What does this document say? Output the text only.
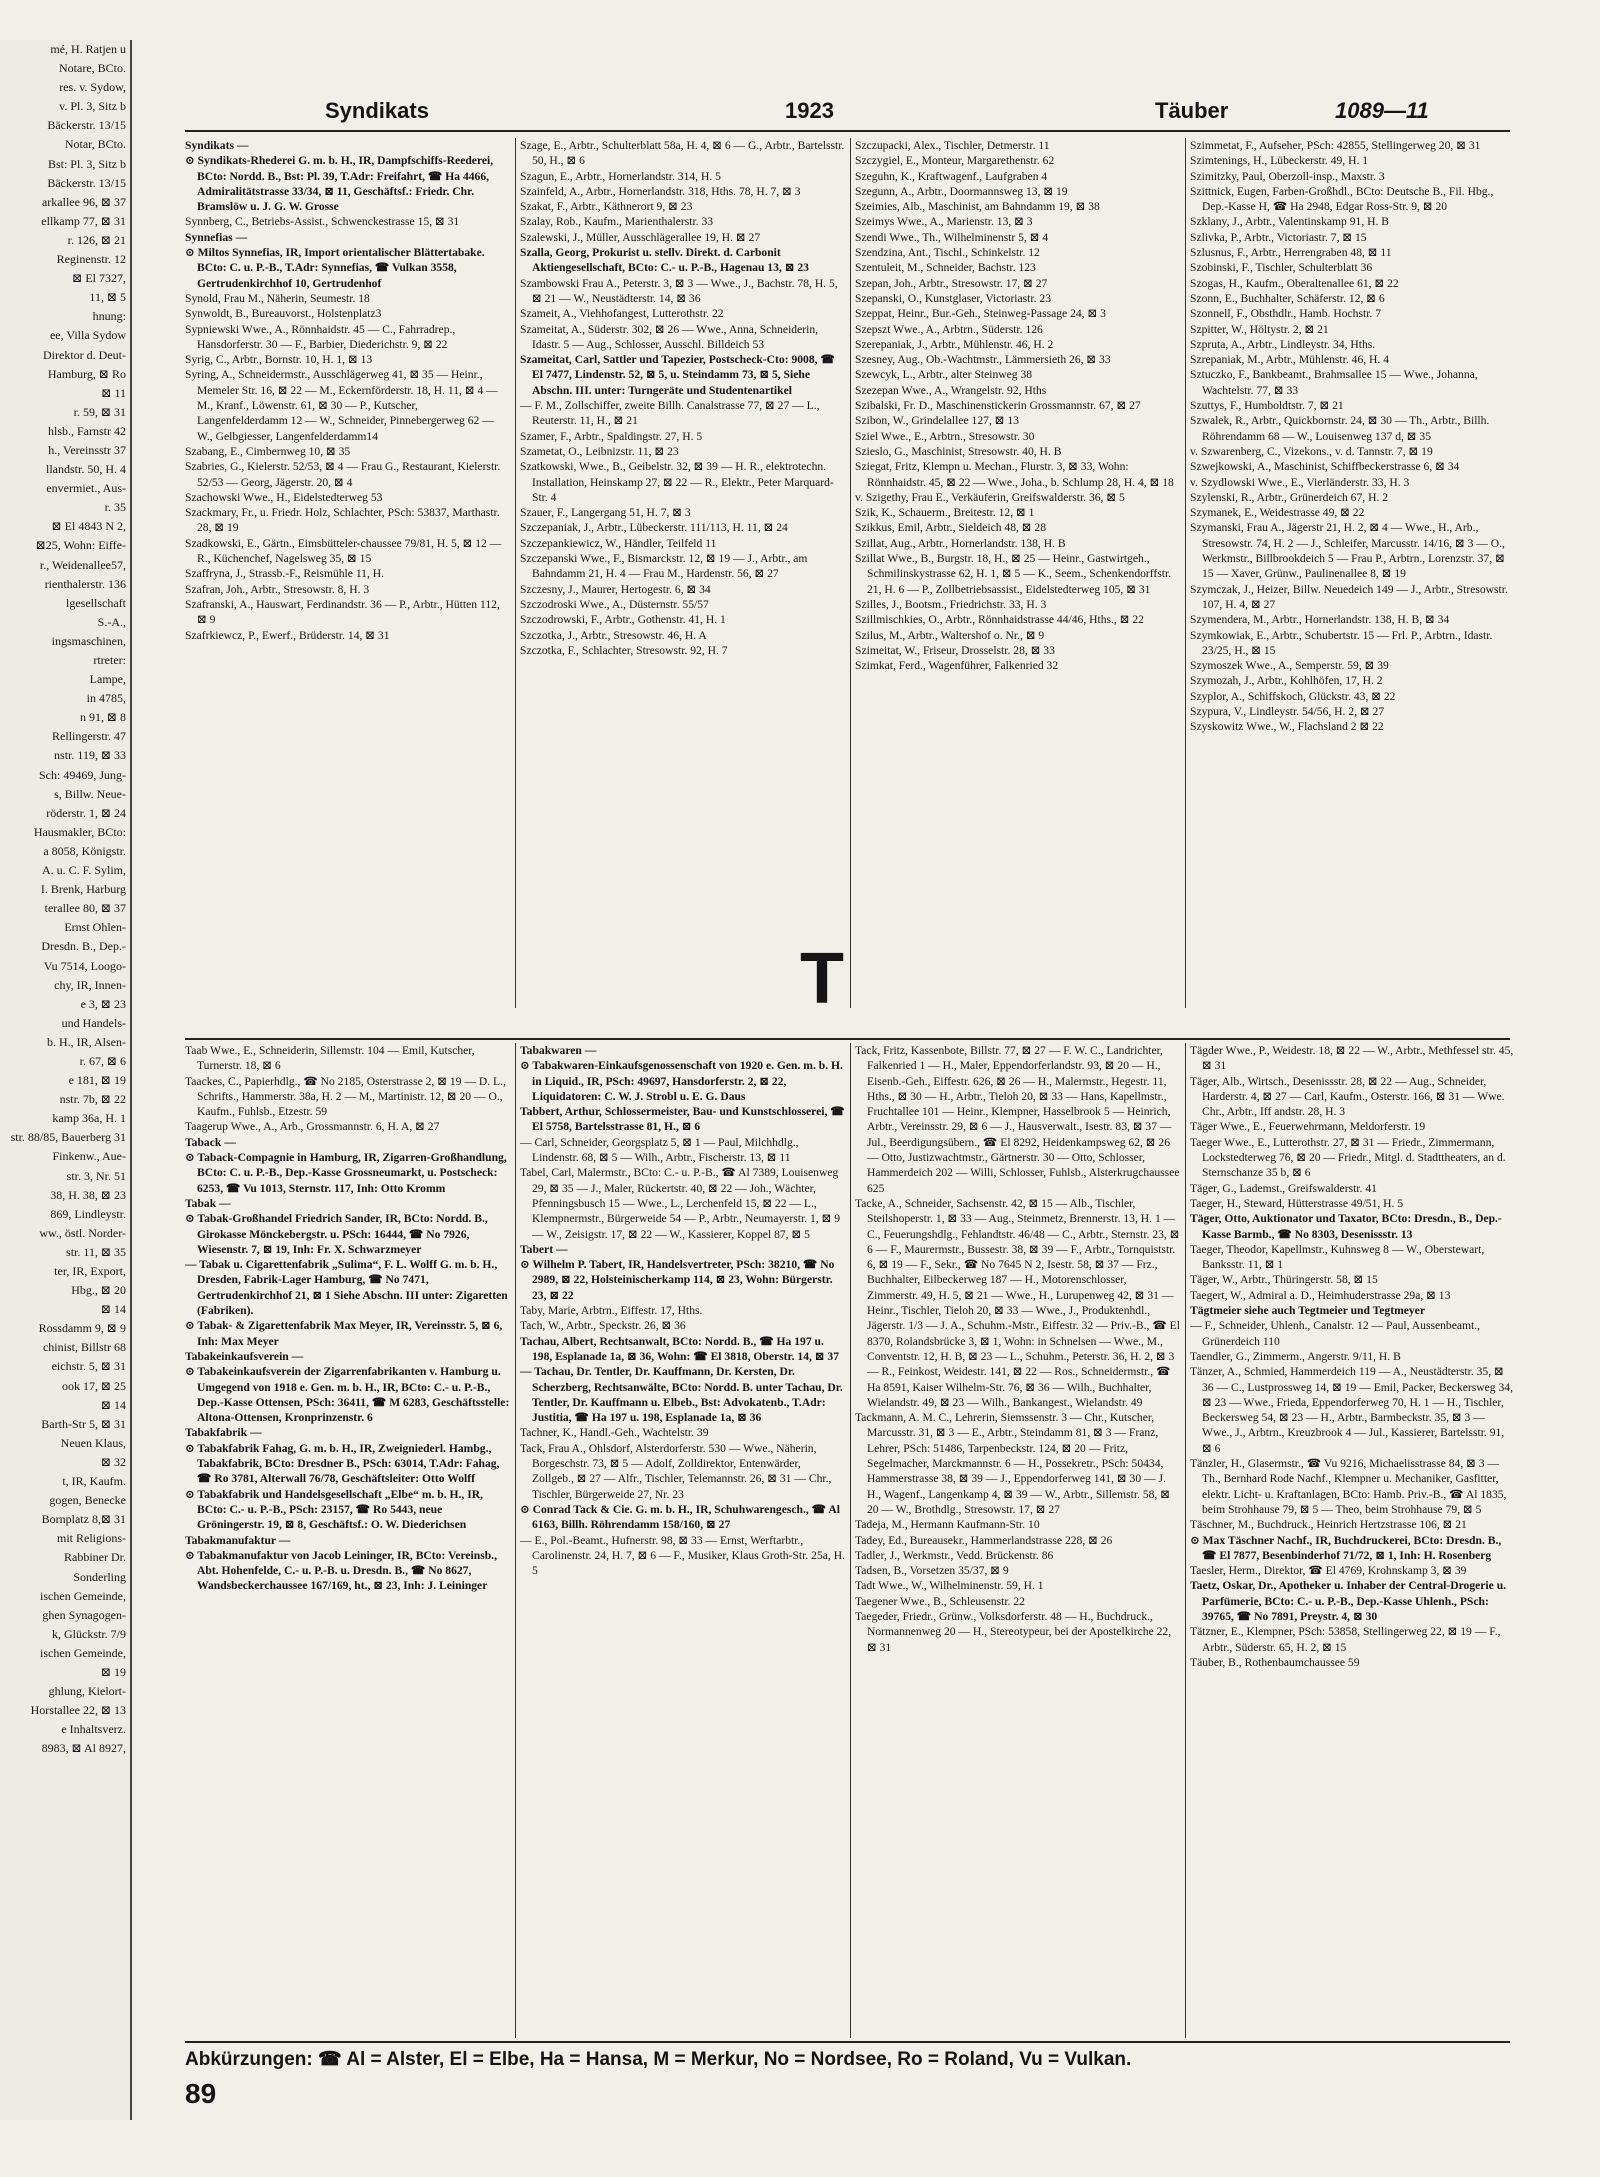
mé, H. Ratjen u
Notare, BCto.
res. v. Sydow,
v. Pl. 3, Sitz b
Bäckerstr. 13/15
Notar, BCto.
Bst: Pl. 3, Sitz b
Bäckerstr. 13/15
arkallee 96, ⊠ 37
ellkamp 77, ⊠ 31
r. 126, ⊠ 21
Reginenstr. 12
⊠ El 7327,
11, ⊠ 5
hnung:
ee, Villa Sydow
Direktor d. Deut-
Hamburg, ⊠ Ro
⊠ 11
r. 59, ⊠ 31
hlsb., Farnstr 42
h., Vereinsstr 37
llandstr. 50, H. 4
envermiet., Aus-
r. 35
⊠ El 4843 N 2,
⊠25, Wohn: Eiffe-
r., Weidenallee57,
rienthalerstr. 136
lgesellschaft
S.-A.,
ingsmaschinen,
rtreter:
Lampe,
in 4785,
n 91, ⊠ 8
Rellingerstr. 47
nstr. 119, ⊠ 33
Sch: 49469, Jung-
s, Billw. Neue-
röderstr. 1, ⊠ 24
Hausmakler, BCto:
a 8058, Königstr.
A. u. C. F. Sylim,
I. Brenk, Harburg
terallee 80, ⊠ 37
Ernst Ohlen-
Dresdn. B., Dep.-
Vu 7514, Loogo-
chy, IR, Innen-
e 3, ⊠ 23
und Handels-
b. H., IR, Alsen-
r. 67, ⊠ 6
e 181, ⊠ 19
nstr. 7b, ⊠ 22
kamp 36a, H. 1
str. 88/85, Bauerberg 31
Finkenw., Aue-
str. 3, Nr. 51
38, H. 38, ⊠ 23
869, Lindleystr.
ww., östl. Norder-
str. 11, ⊠ 35
ter, IR, Export,
Hbg., ⊠ 20
⊠ 14
Rossdamm 9, ⊠ 9
chinist, Billstr 68
eichstr. 5, ⊠ 31
ook 17, ⊠ 25
⊠ 14
Barth-Str 5, ⊠ 31
Neuen Klaus,
⊠ 32
t, IR, Kaufm.
gogen, Benecke
Bornplatz 8,⊠ 31
mit Religions-
Rabbiner Dr.
Sonderling
ischen Gemeinde,
ghen Synagogen-
k, Glückstr. 7/9
ischen Gemeinde,
⊠ 19
ghlung, Kielort-
Horstallee 22, ⊠ 13
e Inhaltsverz.
8983, ⊠ Al 8927,
Syndikats	1923	Täuber	1089—11

Syndikats —

⊙ Syndikats-Rhederei G. m. b. H., IR, Dampfschiffs-Reederei, BCto: Nordd. B., Bst: Pl. 39, T.Adr: Freifahrt, ☎ Ha 4466, Admiralitätstrasse 33/34, ⊠ 11, Geschäftsf.: Friedr. Chr. Bramslöw u. J. G. W. Grosse

Synnberg, C., Betriebs-Assist., Schwenckestrasse 15, ⊠ 31

Synnefias —

⊙ Miltos Synnefias, IR, Import orientalischer Blättertabake. BCto: C. u. P.-B., T.Adr: Synnefias, ☎ Vulkan 3558, Gertrudenkirchhof 10, Gertrudenhof

Synold, Frau M., Näherin, Seumestr. 18

Synwoldt, B., Bureauvorst., Holstenplatz3

Sypniewski Wwe., A., Rönnhaidstr. 45 — C., Fahrradrep., Hansdorferstr. 30 — F., Barbier, Diederichstr. 9, ⊠ 22

Syrig, C., Arbtr., Bornstr. 10, H. 1, ⊠ 13

Syring, A., Schneidermstr., Ausschlägerweg 41, ⊠ 35 — Heinr., Memeler Str. 16, ⊠ 22 — M., Eckernförderstr. 18, H. 11, ⊠ 4 — M., Kranf., Löwenstr. 61, ⊠ 30 — P., Kutscher, Langenfelderdamm 12 — W., Schneider, Pinnebergerweg 62 — W., Gelbgiesser, Langenfelderdamm14

Szabang, E., Cimbernweg 10, ⊠ 35

Szabries, G., Kielerstr. 52/53, ⊠ 4 — Frau G., Restaurant, Kielerstr. 52/53 — Georg, Jägerstr. 20, ⊠ 4

Szachowski Wwe., H., Eidelstedterweg 53

Szackmary, Fr., u. Friedr. Holz, Schlachter, PSch: 53837, Marthastr. 28, ⊠ 19

Szadkowski, E., Gärtn., Eimsbütteler-chaussee 79/81, H. 5, ⊠ 12 — R., Küchenchef, Nagelsweg 35, ⊠ 15

Szaffryna, J., Strassb.-F., Reismühle 11, H.

Szafran, Joh., Arbtr., Stresowstr. 8, H. 3

Szafranski, A., Hauswart, Ferdinandstr. 36 — P., Arbtr., Hütten 112, ⊠ 9

Szafrkiewcz, P., Ewerf., Brüderstr. 14, ⊠ 31

Szage, E., Arbtr., Schulterblatt 58a, H. 4, ⊠ 6 — G., Arbtr., Bartelsstr. 50, H., ⊠ 6

Szagun, E., Arbtr., Hornerlandstr. 314, H. 5

Szainfeld, A., Arbtr., Hornerlandstr. 318, Hths. 78, H. 7, ⊠ 3

Szakat, F., Arbtr., Käthnerort 9, ⊠ 23

Szalay, Rob., Kaufm., Marienthalerstr. 33

Szalewski, J., Müller, Ausschlägerallee 19, H. ⊠ 27

Szalla, Georg, Prokurist u. stellv. Direkt. d. Carbonit Aktiengesellschaft, BCto: C.- u. P.-B., Hagenau 13, ⊠ 23

Szambowski Frau A., Peterstr. 3, ⊠ 3 — Wwe., J., Bachstr. 78, H. 5, ⊠ 21 — W., Neustädterstr. 14, ⊠ 36

Szameit, A., Viehhofangest, Lutterothstr. 22

Szameitat, A., Süderstr. 302, ⊠ 26 — Wwe., Anna, Schneiderin, Idastr. 5 — Aug., Schlosser, Ausschl. Billdeich 53

Szameitat, Carl, Sattler und Tapezier, Postscheck-Cto: 9008, ☎ El 7477, Lindenstr. 52, ⊠ 5, u. Steindamm 73, ⊠ 5, Siehe Abschn. III. unter: Turngeräte und Studentenartikel

— F. M., Zollschiffer, zweite Billh. Canalstrasse 77, ⊠ 27 — L., Reuterstr. 11, H., ⊠ 21

Szamer, F., Arbtr., Spaldingstr. 27, H. 5

Szametat, O., Leibnizstr. 11, ⊠ 23

Szatkowski, Wwe., B., Geibelstr. 32, ⊠ 39 — H. R., elektrotechn. Installation, Heinskamp 27, ⊠ 22 — R., Elektr., Peter Marquard-Str. 4

Szauer, F., Langergang 51, H. 7, ⊠ 3

Szczepaniak, J., Arbtr., Lübeckerstr. 111/113, H. 11, ⊠ 24

Szczepankiewicz, W., Händler, Teilfeld 11

Szczepanski Wwe., F., Bismarckstr. 12, ⊠ 19 — J., Arbtr., am Bahndamm 21, H. 4 — Frau M., Hardenstr. 56, ⊠ 27

Szczesny, J., Maurer, Hertogestr. 6, ⊠ 34

Szczodroski Wwe., A., Düsternstr. 55/57

Szczodrowski, F., Arbtr., Gothenstr. 41, H. 1

Szczotka, J., Arbtr., Stresowstr. 46, H. A

Szczotka, F., Schlachter, Stresowstr. 92, H. 7

Szczupacki, Alex., Tischler, Detmerstr. 11

Szczygiel, E., Monteur, Margarethenstr. 62

Szeguhn, K., Kraftwagenf., Laufgraben 4

Szegunn, A., Arbtr., Doormannsweg 13, ⊠ 19

Szeimies, Alb., Maschinist, am Bahndamm 19, ⊠ 38

Szeimys Wwe., A., Marienstr. 13, ⊠ 3

Szendi Wwe., Th., Wilhelminenstr 5, ⊠ 4

Szendzina, Ant., Tischl., Schinkelstr. 12

Szentuleit, M., Schneider, Bachstr. 123

Szepan, Joh., Arbtr., Stresowstr. 17, ⊠ 27

Szepanski, O., Kunstglaser, Victoriastr. 23

Szeppat, Heinr., Bur.-Geh., Steinweg-Passage 24, ⊠ 3

Szepszt Wwe., A., Arbtrn., Süderstr. 126

Szerepaniak, J., Arbtr., Mühlenstr. 46, H. 2

Szesney, Aug., Ob.-Wachtmstr., Lämmersieth 26, ⊠ 33

Szewcyk, L., Arbtr., alter Steinweg 38

Szezepan Wwe., A., Wrangelstr. 92, Hths

Szibalski, Fr. D., Maschinenstickerin Grossmannstr. 67, ⊠ 27

Szibon, W., Grindelallee 127, ⊠ 13

Sziel Wwe., E., Arbtrn., Stresowstr. 30

Szieslo, G., Maschinist, Stresowstr. 40, H. B

Sziegat, Fritz, Klempn u. Mechan., Flurstr. 3, ⊠ 33, Wohn: Rönnhaidstr. 45, ⊠ 22 — Wwe., Joha., b. Schlump 28, H. 4, ⊠ 18

v. Szigethy, Frau E., Verkäuferin, Greifswalderstr. 36, ⊠ 5

Szik, K., Schauerm., Breitestr. 12, ⊠ 1

Szikkus, Emil, Arbtr., Sieldeich 48, ⊠ 28

Szillat, Aug., Arbtr., Hornerlandstr. 138, H. B

Szillat Wwe., B., Burgstr. 18, H., ⊠ 25 — Heinr., Gastwirtgeh., Schmilinskystrasse 62, H. 1, ⊠ 5 — K., Seem., Schenkendorffstr. 21, H. 6 — P., Zollbetriebsassist., Eidelstedterweg 105, ⊠ 31

Szilles, J., Bootsm., Friedrichstr. 33, H. 3

Szillmischkies, O., Arbtr., Rönnhaidstrasse 44/46, Hths., ⊠ 22

Szilus, M., Arbtr., Waltershof o. Nr., ⊠ 9

Szimeitat, W., Friseur, Drosselstr. 28, ⊠ 33

Szimkat, Ferd., Wagenführer, Falkenried 32

Szimmetat, F., Aufseher, PSch: 42855, Stellingerweg 20, ⊠ 31

Szimtenings, H., Lübeckerstr. 49, H. 1

Szimitzky, Paul, Oberzoll-insp., Maxstr. 3

Szittnick, Eugen, Farben-Großhdl., BCto: Deutsche B., Fil. Hbg., Dep.-Kasse H, ☎ Ha 2948, Edgar Ross-Str. 9, ⊠ 20

Szklany, J., Arbtr., Valentinskamp 91, H. B

Szlivka, P., Arbtr., Victoriastr. 7, ⊠ 15

Szlusnus, F., Arbtr., Herrengraben 48, ⊠ 11

Szobinski, F., Tischler, Schulterblatt 36

Szogas, H., Kaufm., Oberaltenallee 61, ⊠ 22

Szonn, E., Buchhalter, Schäferstr. 12, ⊠ 6

Szonnell, F., Obsthdlr., Hamb. Hochstr. 7

Szpitter, W., Höltystr. 2, ⊠ 21

Szpruta, A., Arbtr., Lindleystr. 34, Hths.

Szrepaniak, M., Arbtr., Mühlenstr. 46, H. 4

Sztuczko, F., Bankbeamt., Brahmsallee 15 — Wwe., Johanna, Wachtelstr. 77, ⊠ 33

Szuttys, F., Humboldtstr. 7, ⊠ 21

Szwalek, R., Arbtr., Quickbornstr. 24, ⊠ 30 — Th., Arbtr., Billh. Röhrendamm 68 — W., Louisenweg 137 d, ⊠ 35

v. Szwarenberg, C., Vizekons., v. d. Tannstr. 7, ⊠ 19

Szwejkowski, A., Maschinist, Schiffbeckerstrasse 6, ⊠ 34

v. Szydlowski Wwe., E., Vierländerstr. 33, H. 3

Szylenski, R., Arbtr., Grünerdeich 67, H. 2

Szymanek, E., Weidestrasse 49, ⊠ 22

Szymanski, Frau A., Jägerstr 21, H. 2, ⊠ 4 — Wwe., H., Arb., Stresowstr. 74, H. 2 — J., Schleifer, Marcusstr. 14/16, ⊠ 3 — O., Werkmstr., Billbrookdeich 5 — Frau P., Arbtrn., Lorenzstr. 37, ⊠ 15 — Xaver, Grünw., Paulinenallee 8, ⊠ 19

Szymczak, J., Heizer, Billw. Neuedeich 149 — J., Arbtr., Stresowstr. 107, H. 4, ⊠ 27

Szymendera, M., Arbtr., Hornerlandstr. 138, H. B, ⊠ 34

Szymkowiak, E., Arbtr., Schubertstr. 15 — Frl. P., Arbtrn., Idastr. 23/25, H., ⊠ 15

Szymoszek Wwe., A., Semperstr. 59, ⊠ 39

Szymozah, J., Arbtr., Kohlhöfen, 17, H. 2

Szyplor, A., Schiffskoch, Glückstr. 43, ⊠ 22

Szypura, V., Lindleystr. 54/56, H. 2, ⊠ 27

Szyskowitz Wwe., W., Flachsland 2 ⊠ 22

T

Taab Wwe., E., Schneiderin, Sillemstr. 104 — Emil, Kutscher, Turnerstr. 18, ⊠ 6

Taackes, C., Papierhdlg., ☎ No 2185, Osterstrasse 2, ⊠ 19 — D. L., Schrifts., Hammerstr. 38a, H. 2 — M., Martinistr. 12, ⊠ 20 — O., Kaufm., Fuhlsb., Etzestr. 59

Taagerup Wwe., A., Arb., Grossmannstr. 6, H. A, ⊠ 27

Taback —

⊙ Taback-Compagnie in Hamburg, IR, Zigarren-Großhandlung, BCto: C. u. P.-B., Dep.-Kasse Grossneumarkt, u. Postscheck: 6253, ☎ Vu 1013, Sternstr. 117, Inh: Otto Kromm

Tabak —

⊙ Tabak-Großhandel Friedrich Sander, IR, BCto: Nordd. B., Girokasse Mönckebergstr. u. PSch: 16444, ☎ No 7926, Wiesenstr. 7, ⊠ 19, Inh: Fr. X. Schwarzmeyer

— Tabak u. Cigarettenfabrik „Sulima“, F. L. Wolff G. m. b. H., Dresden, Fabrik-Lager Hamburg, ☎ No 7471, Gertrudenkirchhof 21, ⊠ 1 Siehe Abschn. III unter: Zigaretten (Fabriken).

⊙ Tabak- & Zigarettenfabrik Max Meyer, IR, Vereinsstr. 5, ⊠ 6, Inh: Max Meyer

Tabakeinkaufsverein —

⊙ Tabakeinkaufsverein der Zigarrenfabrikanten v. Hamburg u. Umgegend von 1918 e. Gen. m. b. H., IR, BCto: C.- u. P.-B., Dep.-Kasse Ottensen, PSch: 36411, ☎ M 6283, Geschäftsstelle: Altona-Ottensen, Kronprinzenstr. 6

Tabakfabrik —

⊙ Tabakfabrik Fahag, G. m. b. H., IR, Zweigniederl. Hambg., Tabakfabrik, BCto: Dresdner B., PSch: 63014, T.Adr: Fahag, ☎ Ro 3781, Alterwall 76/78, Geschäftsleiter: Otto Wolff

⊙ Tabakfabrik und Handelsgesellschaft „Elbe“ m. b. H., IR, BCto: C.- u. P.-B., PSch: 23157, ☎ Ro 5443, neue Gröningerstr. 19, ⊠ 8, Geschäftsf.: O. W. Diederichsen

Tabakmanufaktur —

⊙ Tabakmanufaktur von Jacob Leininger, IR, BCto: Vereinsb., Abt. Hohenfelde, C.- u. P.-B. u. Dresdn. B., ☎ No 8627, Wandsbeckerchaussee 167/169, ht., ⊠ 23, Inh: J. Leininger

Tabakwaren —

⊙ Tabakwaren-Einkaufsgenossenschaft von 1920 e. Gen. m. b. H. in Liquid., IR, PSch: 49697, Hansdorferstr. 2, ⊠ 22, Liquidatoren: C. W. J. Strobl u. E. G. Daus

Tabbert, Arthur, Schlossermeister, Bau- und Kunstschlosserei, ☎ El 5758, Bartelsstrasse 81, H., ⊠ 6

— Carl, Schneider, Georgsplatz 5, ⊠ 1 — Paul, Milchhdlg., Lindenstr. 68, ⊠ 5 — Wilh., Arbtr., Fischerstr. 13, ⊠ 11

Tabel, Carl, Malermstr., BCto: C.- u. P.-B., ☎ Al 7389, Louisenweg 29, ⊠ 35 — J., Maler, Rückertstr. 40, ⊠ 22 — Joh., Wächter, Pfenningsbusch 15 — Wwe., L., Lerchenfeld 15, ⊠ 22 — L., Klempnermstr., Bürgerweide 54 — P., Arbtr., Neumayerstr. 1, ⊠ 9 — W., Zeisigstr. 17, ⊠ 22 — W., Kassierer, Koppel 87, ⊠ 5

Tabert —

⊙ Wilhelm P. Tabert, IR, Handelsvertreter, PSch: 38210, ☎ No 2989, ⊠ 22, Holsteinischerkamp 114, ⊠ 23, Wohn: Bürgerstr. 23, ⊠ 22

Taby, Marie, Arbtrn., Eiffestr. 17, Hths.

Tach, W., Arbtr., Speckstr. 26, ⊠ 36

Tachau, Albert, Rechtsanwalt, BCto: Nordd. B., ☎ Ha 197 u. 198, Esplanade 1a, ⊠ 36, Wohn: ☎ El 3818, Oberstr. 14, ⊠ 37

— Tachau, Dr. Tentler, Dr. Kauffmann, Dr. Kersten, Dr. Scherzberg, Rechtsanwälte, BCto: Nordd. B. unter Tachau, Dr. Tentler, Dr. Kauffmann u. Elbeb., Bst: Advokatenb., T.Adr: Justitia, ☎ Ha 197 u. 198, Esplanade 1a, ⊠ 36

Tachner, K., Handl.-Geh., Wachtelstr. 39

Tack, Frau A., Ohlsdorf, Alsterdorferstr. 530 — Wwe., Näherin, Borgeschstr. 73, ⊠ 5 — Adolf, Zolldirektor, Entenwärder, Zollgeb., ⊠ 27 — Alfr., Tischler, Telemannstr. 26, ⊠ 31 — Chr., Tischler, Bürgerweide 27, Nr. 23

⊙ Conrad Tack & Cie. G. m. b. H., IR, Schuhwarengesch., ☎ Al 6163, Billh. Röhrendamm 158/160, ⊠ 27

— E., Pol.-Beamt., Hufnerstr. 98, ⊠ 33 — Ernst, Werftarbtr., Carolinenstr. 24, H. 7, ⊠ 6 — F., Musiker, Klaus Groth-Str. 25a, H. 5

Tack, Fritz, Kassenbote, Billstr. 77, ⊠ 27 — F. W. C., Landrichter, Falkenried 1 — H., Maler, Eppendorferlandstr. 93, ⊠ 20 — H., Eisenb.-Geh., Eiffestr. 626, ⊠ 26 — H., Malermstr., Hegestr. 11, Hths., ⊠ 30 — H., Arbtr., Tieloh 20, ⊠ 33 — Hans, Kapellmstr., Fruchtallee 101 — Heinr., Klempner, Hasselbrook 5 — Heinrich, Arbtr., Vereinsstr. 29, ⊠ 6 — J., Hausverwalt., Isestr. 83, ⊠ 37 — Jul., Beerdigungsübern., ☎ El 8292, Heidenkampsweg 62, ⊠ 26 — Otto, Justizwachtmstr., Gärtnerstr. 30 — Otto, Schlosser, Hammerdeich 202 — Willi, Schlosser, Fuhlsb., Alsterkrugchaussee 625

Tacke, A., Schneider, Sachsenstr. 42, ⊠ 15 — Alb., Tischler, Steilshoperstr. 1, ⊠ 33 — Aug., Steinmetz, Brennerstr. 13, H. 1 — C., Feuerungshdlg., Fehlandtstr. 46/48 — C., Arbtr., Sternstr. 23, ⊠ 6 — F., Maurermstr., Bussestr. 38, ⊠ 39 — F., Arbtr., Tornquiststr. 6, ⊠ 19 — F., Sekr., ☎ No 7645 N 2, Isestr. 58, ⊠ 37 — Frz., Buchhalter, Eilbeckerweg 187 — H., Motorenschlosser, Zimmerstr. 49, H. 5, ⊠ 21 — Wwe., H., Lurupenweg 42, ⊠ 31 — Heinr., Tischler, Tieloh 20, ⊠ 33 — Wwe., J., Produktenhdl., Jägerstr. 1/3 — J. A., Schuhm.-Mstr., Eiffestr. 32 — Priv.-B., ☎ El 8370, Rolandsbrücke 3, ⊠ 1, Wohn: in Schnelsen — Wwe., M., Conventstr. 12, H. B, ⊠ 23 — L., Schuhm., Peterstr. 36, H. 2, ⊠ 3 — R., Feinkost, Weidestr. 141, ⊠ 22 — Ros., Schneidermstr., ☎ Ha 8591, Kaiser Wilhelm-Str. 76, ⊠ 36 — Wilh., Buchhalter, Wielandstr. 49, ⊠ 23 — Wilh., Bankangest., Wielandstr. 49

Tackmann, A. M. C., Lehrerin, Siemssenstr. 3 — Chr., Kutscher, Marcusstr. 31, ⊠ 3 — E., Arbtr., Steindamm 81, ⊠ 3 — Franz, Lehrer, PSch: 51486, Tarpenbeckstr. 124, ⊠ 20 — Fritz, Segelmacher, Marckmannstr. 6 — H., Possekretr., PSch: 50434, Hammerstrasse 38, ⊠ 39 — J., Eppendorferweg 141, ⊠ 30 — J. H., Wagenf., Langenkamp 4, ⊠ 39 — W., Arbtr., Sillemstr. 58, ⊠ 20 — W., Brothdlg., Stresowstr. 17, ⊠ 27

Tadeja, M., Hermann Kaufmann-Str. 10

Tadey, Ed., Bureausekr., Hammerlandstrasse 228, ⊠ 26

Tadler, J., Werkmstr., Vedd. Brückenstr. 86

Tadsen, B., Vorsetzen 35/37, ⊠ 9

Tadt Wwe., W., Wilhelminenstr. 59, H. 1

Taegener Wwe., B., Schleusenstr. 22

Taegeder, Friedr., Grünw., Volksdorferstr. 48 — H., Buchdruck., Normannenweg 20 — H., Stereotypeur, bei der Apostelkirche 22, ⊠ 31

Tägder Wwe., P., Weidestr. 18, ⊠ 22 — W., Arbtr., Methfessel str. 45, ⊠ 31

Täger, Alb., Wirtsch., Desenissstr. 28, ⊠ 22 — Aug., Schneider, Harderstr. 4, ⊠ 27 — Carl, Kaufm., Osterstr. 166, ⊠ 31 — Wwe. Chr., Arbtr., Iff andstr. 28, H. 3

Täger Wwe., E., Feuerwehrmann, Meldorferstr. 19

Taeger Wwe., E., Lutterothstr. 27, ⊠ 31 — Friedr., Zimmermann, Lockstedterweg 76, ⊠ 20 — Friedr., Mitgl. d. Stadttheaters, an d. Sternschanze 35 b, ⊠ 6

Täger, G., Lademst., Greifswalderstr. 41

Taeger, H., Steward, Hütterstrasse 49/51, H. 5

Täger, Otto, Auktionator und Taxator, BCto: Dresdn., B., Dep.-Kasse Barmb., ☎ No 8303, Desenissstr. 13

Taeger, Theodor, Kapellmstr., Kuhnsweg 8 — W., Oberstewart, Banksstr. 11, ⊠ 1

Täger, W., Arbtr., Thüringerstr. 58, ⊠ 15

Taegert, W., Admiral a. D., Heimhuderstrasse 29a, ⊠ 13

Tägtmeier siehe auch Tegtmeier und Tegtmeyer

— F., Schneider, Uhlenh., Canalstr. 12 — Paul, Aussenbeamt., Grünerdeich 110

Taendler, G., Zimmerm., Angerstr. 9/11, H. B

Tänzer, A., Schmied, Hammerdeich 119 — A., Neustädterstr. 35, ⊠ 36 — C., Lustprossweg 14, ⊠ 19 — Emil, Packer, Beckersweg 34, ⊠ 23 — Wwe., Frieda, Eppendorferweg 70, H. 1 — H., Tischler, Beckersweg 54, ⊠ 23 — H., Arbtr., Barmbeckstr. 35, ⊠ 3 — Wwe., J., Arbtrn., Kreuzbrook 4 — Jul., Kassierer, Bartelsstr. 91, ⊠ 6

Tänzler, H., Glasermstr., ☎ Vu 9216, Michaelisstrasse 84, ⊠ 3 — Th., Bernhard Rode Nachf., Klempner u. Mechaniker, Gasfitter, elektr. Licht- u. Kraftanlagen, BCto: Hamb. Priv.-B., ☎ Al 1835, beim Strohhause 79, ⊠ 5 — Theo, beim Strohhause 79, ⊠ 5

Täschner, M., Buchdruck., Heinrich Hertzstrasse 106, ⊠ 21

⊙ Max Täschner Nachf., IR, Buchdruckerei, BCto: Dresdn. B., ☎ El 7877, Besenbinderhof 71/72, ⊠ 1, Inh: H. Rosenberg

Taesler, Herm., Direktor, ☎ El 4769, Krohnskamp 3, ⊠ 39

Taetz, Oskar, Dr., Apotheker u. Inhaber der Central-Drogerie u. Parfümerie, BCto: C.- u. P.-B., Dep.-Kasse Uhlenh., PSch: 39765, ☎ No 7891, Preystr. 4, ⊠ 30

Tätzner, E., Klempner, PSch: 53858, Stellingerweg 22, ⊠ 19 — F., Arbtr., Süderstr. 65, H. 2, ⊠ 15

Täuber, B., Rothenbaumchaussee 59

Abkürzungen: ☎ Al = Alster, El = Elbe, Ha = Hansa, M = Merkur, No = Nordsee, Ro = Roland, Vu = Vulkan.
89
